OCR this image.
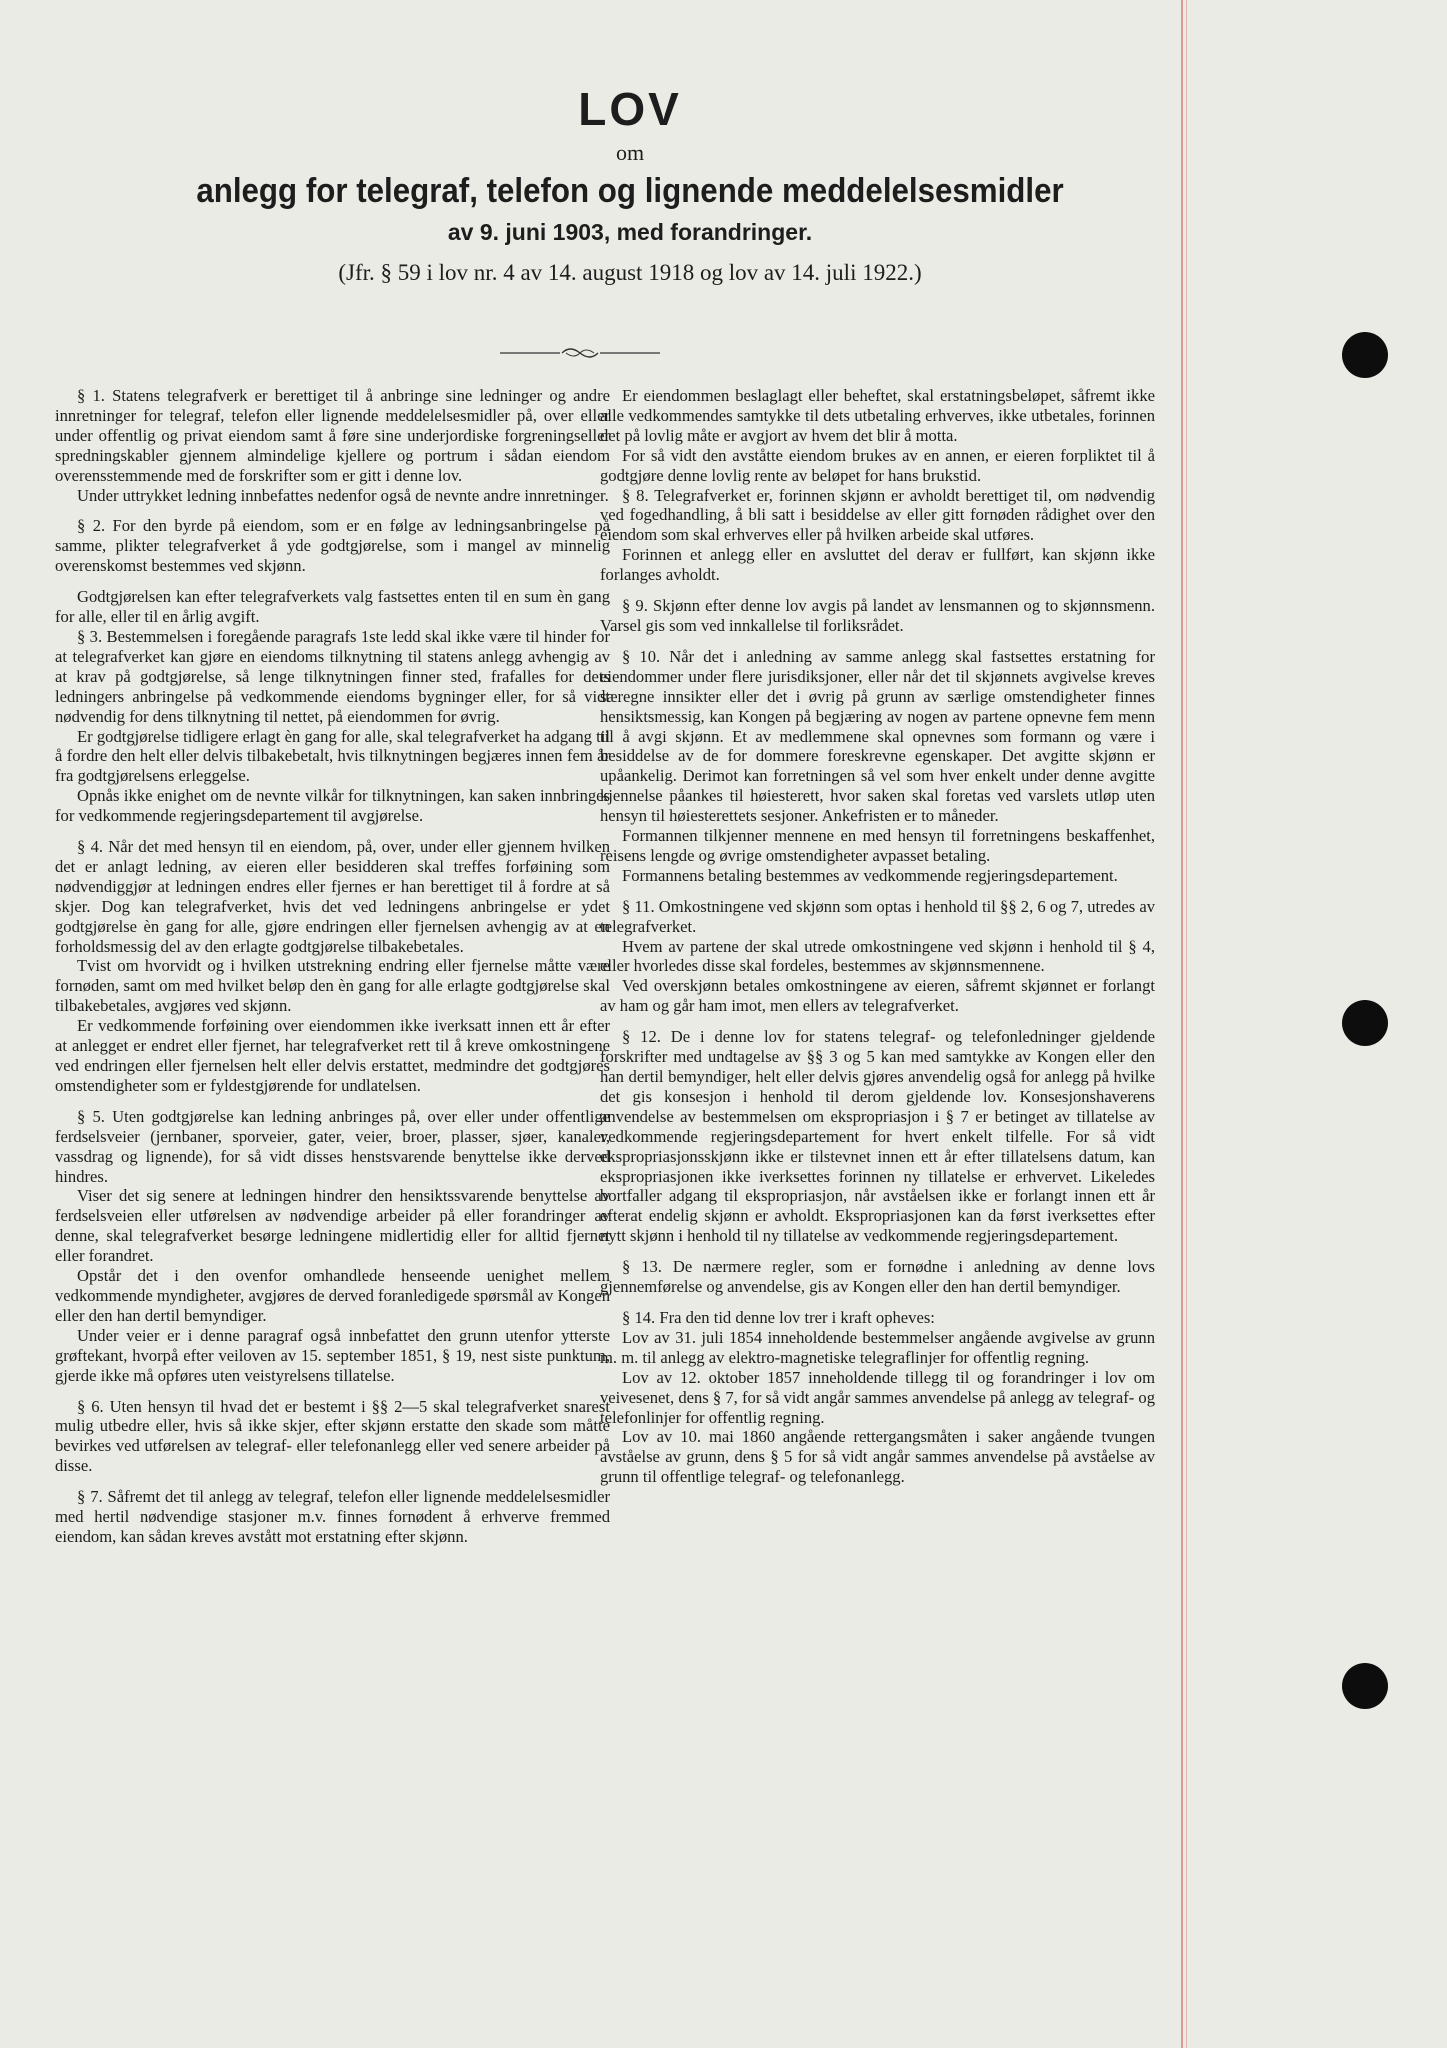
LOV

om

anlegg for telegraf, telefon og lignende meddelelsesmidler

av 9. juni 1903, med forandringer.

(Jfr. § 59 i lov nr. 4 av 14. august 1918 og lov av 14. juli 1922.)

§ 1. Statens telegrafverk er berettiget til å anbringe sine ledninger og andre innretninger for telegraf, telefon eller lignende meddelelsesmidler på, over eller under offentlig og privat eiendom samt å føre sine underjordiske forgreningseller spredningskabler gjennem almindelige kjellere og portrum i sådan eiendom overensstemmende med de forskrifter som er gitt i denne lov.

Under uttrykket ledning innbefattes nedenfor også de nevnte andre innretninger.

§ 2. For den byrde på eiendom, som er en følge av ledningsanbringelse på samme, plikter telegrafverket å yde godtgjørelse, som i mangel av minnelig overenskomst bestemmes ved skjønn.

Godtgjørelsen kan efter telegrafverkets valg fastsettes enten til en sum èn gang for alle, eller til en årlig avgift.

§ 3. Bestemmelsen i foregående paragrafs 1ste ledd skal ikke være til hinder for at telegrafverket kan gjøre en eiendoms tilknytning til statens anlegg avhengig av at krav på godtgjørelse, så lenge tilknytningen finner sted, frafalles for dets ledningers anbringelse på vedkommende eiendoms bygninger eller, for så vidt nødvendig for dens tilknytning til nettet, på eiendommen for øvrig.

Er godtgjørelse tidligere erlagt èn gang for alle, skal telegrafverket ha adgang til å fordre den helt eller delvis tilbakebetalt, hvis tilknytningen begjæres innen fem år fra godtgjørelsens erleggelse.

Opnås ikke enighet om de nevnte vilkår for tilknytningen, kan saken innbringes for vedkommende regjeringsdepartement til avgjørelse.

§ 4. Når det med hensyn til en eiendom, på, over, under eller gjennem hvilken det er anlagt ledning, av eieren eller besidderen skal treffes forføining som nødvendiggjør at ledningen endres eller fjernes er han berettiget til å fordre at så skjer. Dog kan telegrafverket, hvis det ved ledningens anbringelse er ydet godtgjørelse èn gang for alle, gjøre endringen eller fjernelsen avhengig av at en forholdsmessig del av den erlagte godtgjørelse tilbakebetales.

Tvist om hvorvidt og i hvilken utstrekning endring eller fjernelse måtte være fornøden, samt om med hvilket beløp den èn gang for alle erlagte godtgjørelse skal tilbakebetales, avgjøres ved skjønn.

Er vedkommende forføining over eiendommen ikke iverksatt innen ett år efter at anlegget er endret eller fjernet, har telegrafverket rett til å kreve omkostningene ved endringen eller fjernelsen helt eller delvis erstattet, medmindre det godtgjøres omstendigheter som er fyldestgjørende for undlatelsen.

§ 5. Uten godtgjørelse kan ledning anbringes på, over eller under offentlige ferdselsveier (jernbaner, sporveier, gater, veier, broer, plasser, sjøer, kanaler, vassdrag og lignende), for så vidt disses henstsvarende benyttelse ikke derved hindres.

Viser det sig senere at ledningen hindrer den hensiktssvarende benyttelse av ferdselsveien eller utførelsen av nødvendige arbeider på eller forandringer av denne, skal telegrafverket besørge ledningene midlertidig eller for alltid fjernet eller forandret.

Opstår det i den ovenfor omhandlede henseende uenighet mellem vedkommende myndigheter, avgjøres de derved foranledigede spørsmål av Kongen eller den han dertil bemyndiger.

Under veier er i denne paragraf også innbefattet den grunn utenfor ytterste grøftekant, hvorpå efter veiloven av 15. september 1851, § 19, nest siste punktum, gjerde ikke må opføres uten veistyrelsens tillatelse.

§ 6. Uten hensyn til hvad det er bestemt i §§ 2—5 skal telegrafverket snarest mulig utbedre eller, hvis så ikke skjer, efter skjønn erstatte den skade som måtte bevirkes ved utførelsen av telegraf- eller telefonanlegg eller ved senere arbeider på disse.

§ 7. Såfremt det til anlegg av telegraf, telefon eller lignende meddelelsesmidler med hertil nødvendige stasjoner m.v. finnes fornødent å erhverve fremmed eiendom, kan sådan kreves avstått mot erstatning efter skjønn.

Er eiendommen beslaglagt eller beheftet, skal erstatningsbeløpet, såfremt ikke alle vedkommendes samtykke til dets utbetaling erhverves, ikke utbetales, forinnen det på lovlig måte er avgjort av hvem det blir å motta.

For så vidt den avståtte eiendom brukes av en annen, er eieren forpliktet til å godtgjøre denne lovlig rente av beløpet for hans brukstid.

§ 8. Telegrafverket er, forinnen skjønn er avholdt berettiget til, om nødvendig ved fogedhandling, å bli satt i besiddelse av eller gitt fornøden rådighet over den eiendom som skal erhverves eller på hvilken arbeide skal utføres.

Forinnen et anlegg eller en avsluttet del derav er fullført, kan skjønn ikke forlanges avholdt.

§ 9. Skjønn efter denne lov avgis på landet av lensmannen og to skjønnsmenn. Varsel gis som ved innkallelse til forliksrådet.

§ 10. Når det i anledning av samme anlegg skal fastsettes erstatning for eiendommer under flere jurisdiksjoner, eller når det til skjønnets avgivelse kreves særegne innsikter eller det i øvrig på grunn av særlige omstendigheter finnes hensiktsmessig, kan Kongen på begjæring av nogen av partene opnevne fem menn til å avgi skjønn. Et av medlemmene skal opnevnes som formann og være i besiddelse av de for dommere foreskrevne egenskaper. Det avgitte skjønn er upåankelig. Derimot kan forretningen så vel som hver enkelt under denne avgitte kjennelse påankes til høiesterett, hvor saken skal foretas ved varslets utløp uten hensyn til høiesterettets sesjoner. Ankefristen er to måneder.

Formannen tilkjenner mennene en med hensyn til forretningens beskaffenhet, reisens lengde og øvrige omstendigheter avpasset betaling.

Formannens betaling bestemmes av vedkommende regjeringsdepartement.

§ 11. Omkostningene ved skjønn som optas i henhold til §§ 2, 6 og 7, utredes av telegrafverket.

Hvem av partene der skal utrede omkostningene ved skjønn i henhold til § 4, eller hvorledes disse skal fordeles, bestemmes av skjønnsmennene.

Ved overskjønn betales omkostningene av eieren, såfremt skjønnet er forlangt av ham og går ham imot, men ellers av telegrafverket.

§ 12. De i denne lov for statens telegraf- og telefonledninger gjeldende forskrifter med undtagelse av §§ 3 og 5 kan med samtykke av Kongen eller den han dertil bemyndiger, helt eller delvis gjøres anvendelig også for anlegg på hvilke det gis konsesjon i henhold til derom gjeldende lov. Konsesjonshaverens anvendelse av bestemmelsen om ekspropriasjon i § 7 er betinget av tillatelse av vedkommende regjeringsdepartement for hvert enkelt tilfelle. For så vidt ekspropriasjonsskjønn ikke er tilstevnet innen ett år efter tillatelsens datum, kan ekspropriasjonen ikke iverksettes forinnen ny tillatelse er erhvervet. Likeledes bortfaller adgang til ekspropriasjon, når avståelsen ikke er forlangt innen ett år efterat endelig skjønn er avholdt. Ekspropriasjonen kan da først iverksettes efter nytt skjønn i henhold til ny tillatelse av vedkommende regjeringsdepartement.

§ 13. De nærmere regler, som er fornødne i anledning av denne lovs gjennemførelse og anvendelse, gis av Kongen eller den han dertil bemyndiger.

§ 14. Fra den tid denne lov trer i kraft opheves:

Lov av 31. juli 1854 inneholdende bestemmelser angående avgivelse av grunn m. m. til anlegg av elektro-magnetiske telegraflinjer for offentlig regning.

Lov av 12. oktober 1857 inneholdende tillegg til og forandringer i lov om veivesenet, dens § 7, for så vidt angår sammes anvendelse på anlegg av telegraf- og telefonlinjer for offentlig regning.

Lov av 10. mai 1860 angående rettergangsmåten i saker angående tvungen avståelse av grunn, dens § 5 for så vidt angår sammes anvendelse på avståelse av grunn til offentlige telegraf- og telefonanlegg.
